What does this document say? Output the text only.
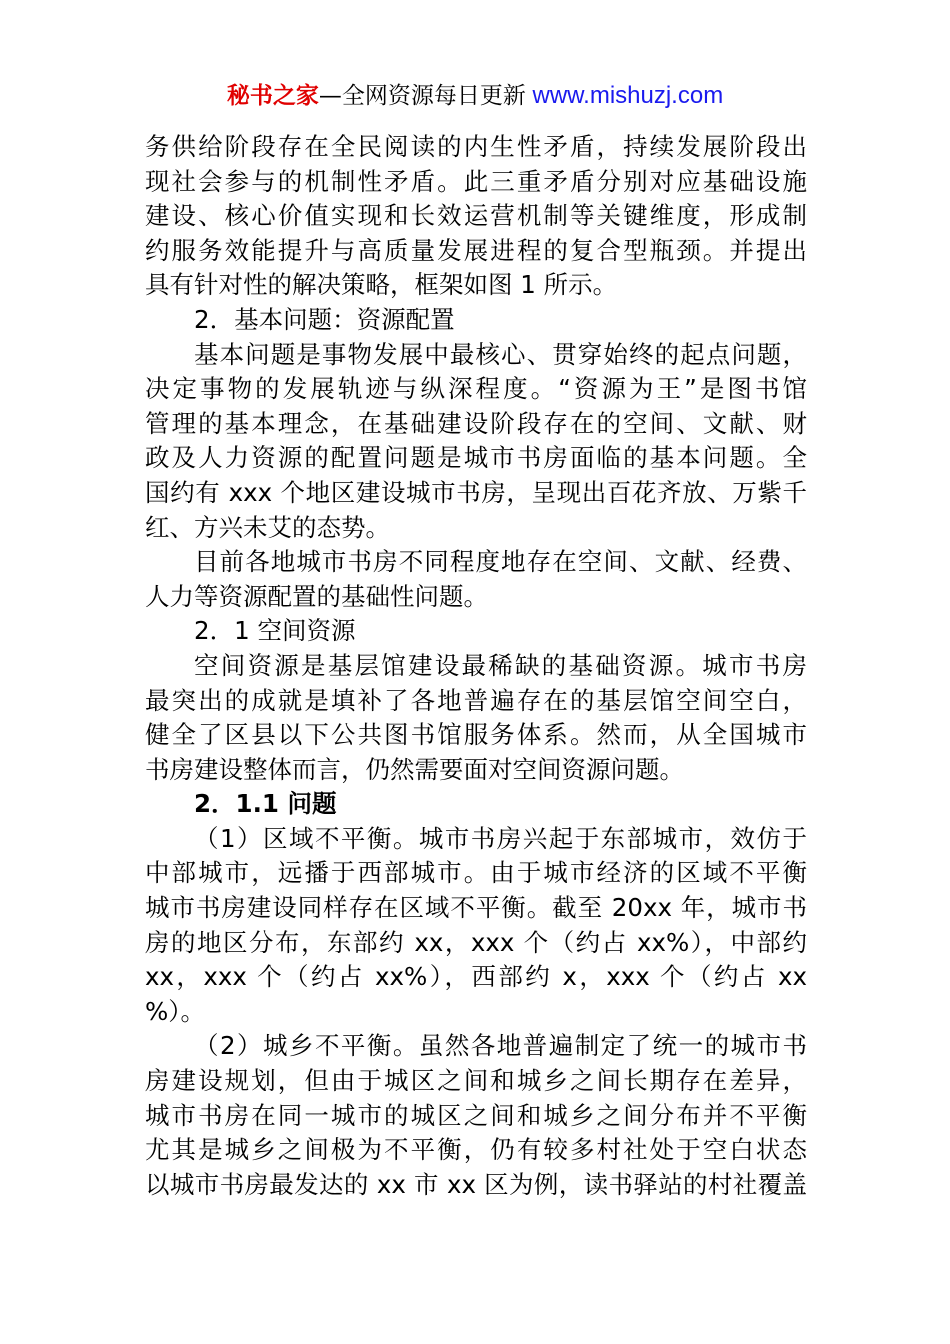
秘书之家—全网资源每日更新 www.mishuzj.com

务供给阶段存在全民阅读的内生性矛盾，持续发展阶段出

现社会参与的机制性矛盾。此三重矛盾分别对应基础设施

建设、核心价值实现和长效运营机制等关键维度，形成制

约服务效能提升与高质量发展进程的复合型瓶颈。并提出

具有针对性的解决策略，框架如图 1 所示。

2．基本问题：资源配置

基本问题是事物发展中最核心、贯穿始终的起点问题，

决定事物的发展轨迹与纵深程度。“资源为王”是图书馆

管理的基本理念，在基础建设阶段存在的空间、文献、财

政及人力资源的配置问题是城市书房面临的基本问题。全

国约有 xxx 个地区建设城市书房，呈现出百花齐放、万紫千

红、方兴未艾的态势。

目前各地城市书房不同程度地存在空间、文献、经费、

人力等资源配置的基础性问题。

2．1 空间资源

空间资源是基层馆建设最稀缺的基础资源。城市书房

最突出的成就是填补了各地普遍存在的基层馆空间空白，

健全了区县以下公共图书馆服务体系。然而，从全国城市

书房建设整体而言，仍然需要面对空间资源问题。

2．1.1 问题

（1）区域不平衡。城市书房兴起于东部城市，效仿于

中部城市，远播于西部城市。由于城市经济的区域不平衡

城市书房建设同样存在区域不平衡。截至 20xx 年，城市书

房的地区分布，东部约 xx，xxx 个（约占 xx%），中部约

xx，xxx 个（约占 xx%），西部约 x，xxx 个（约占 xx

%）。

（2）城乡不平衡。虽然各地普遍制定了统一的城市书

房建设规划，但由于城区之间和城乡之间长期存在差异，

城市书房在同一城市的城区之间和城乡之间分布并不平衡

尤其是城乡之间极为不平衡，仍有较多村社处于空白状态

以城市书房最发达的 xx 市 xx 区为例，读书驿站的村社覆盖
